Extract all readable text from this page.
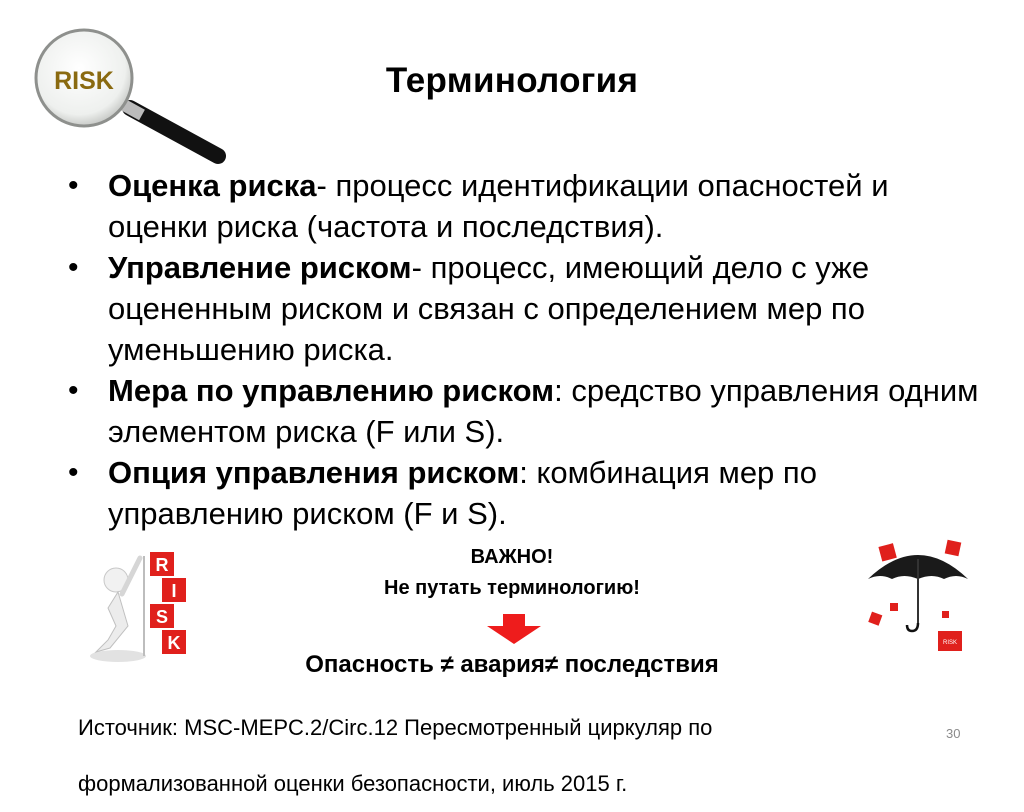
RISK	Терминология
• Оценка риска- процесс идентификации опасностей и оценки риска (частота и последствия).
• Управление риском- процесс, имеющий дело с уже оцененным риском и связан с определением мер по уменьшению риска.
• Мера по управлению риском: средство управления одним элементом риска (F или S).
• Опция управления риском: комбинация мер по управлению риском (F и S).
R
I
S
K
ВАЖНО!
Не путать терминологию!
Опасность ≠ авария≠ последствия
RISK
Источник: MSC-MEPC.2/Circ.12 Пересмотренный циркуляр по
формализованной оценки безопасности, июль 2015 г.
30
